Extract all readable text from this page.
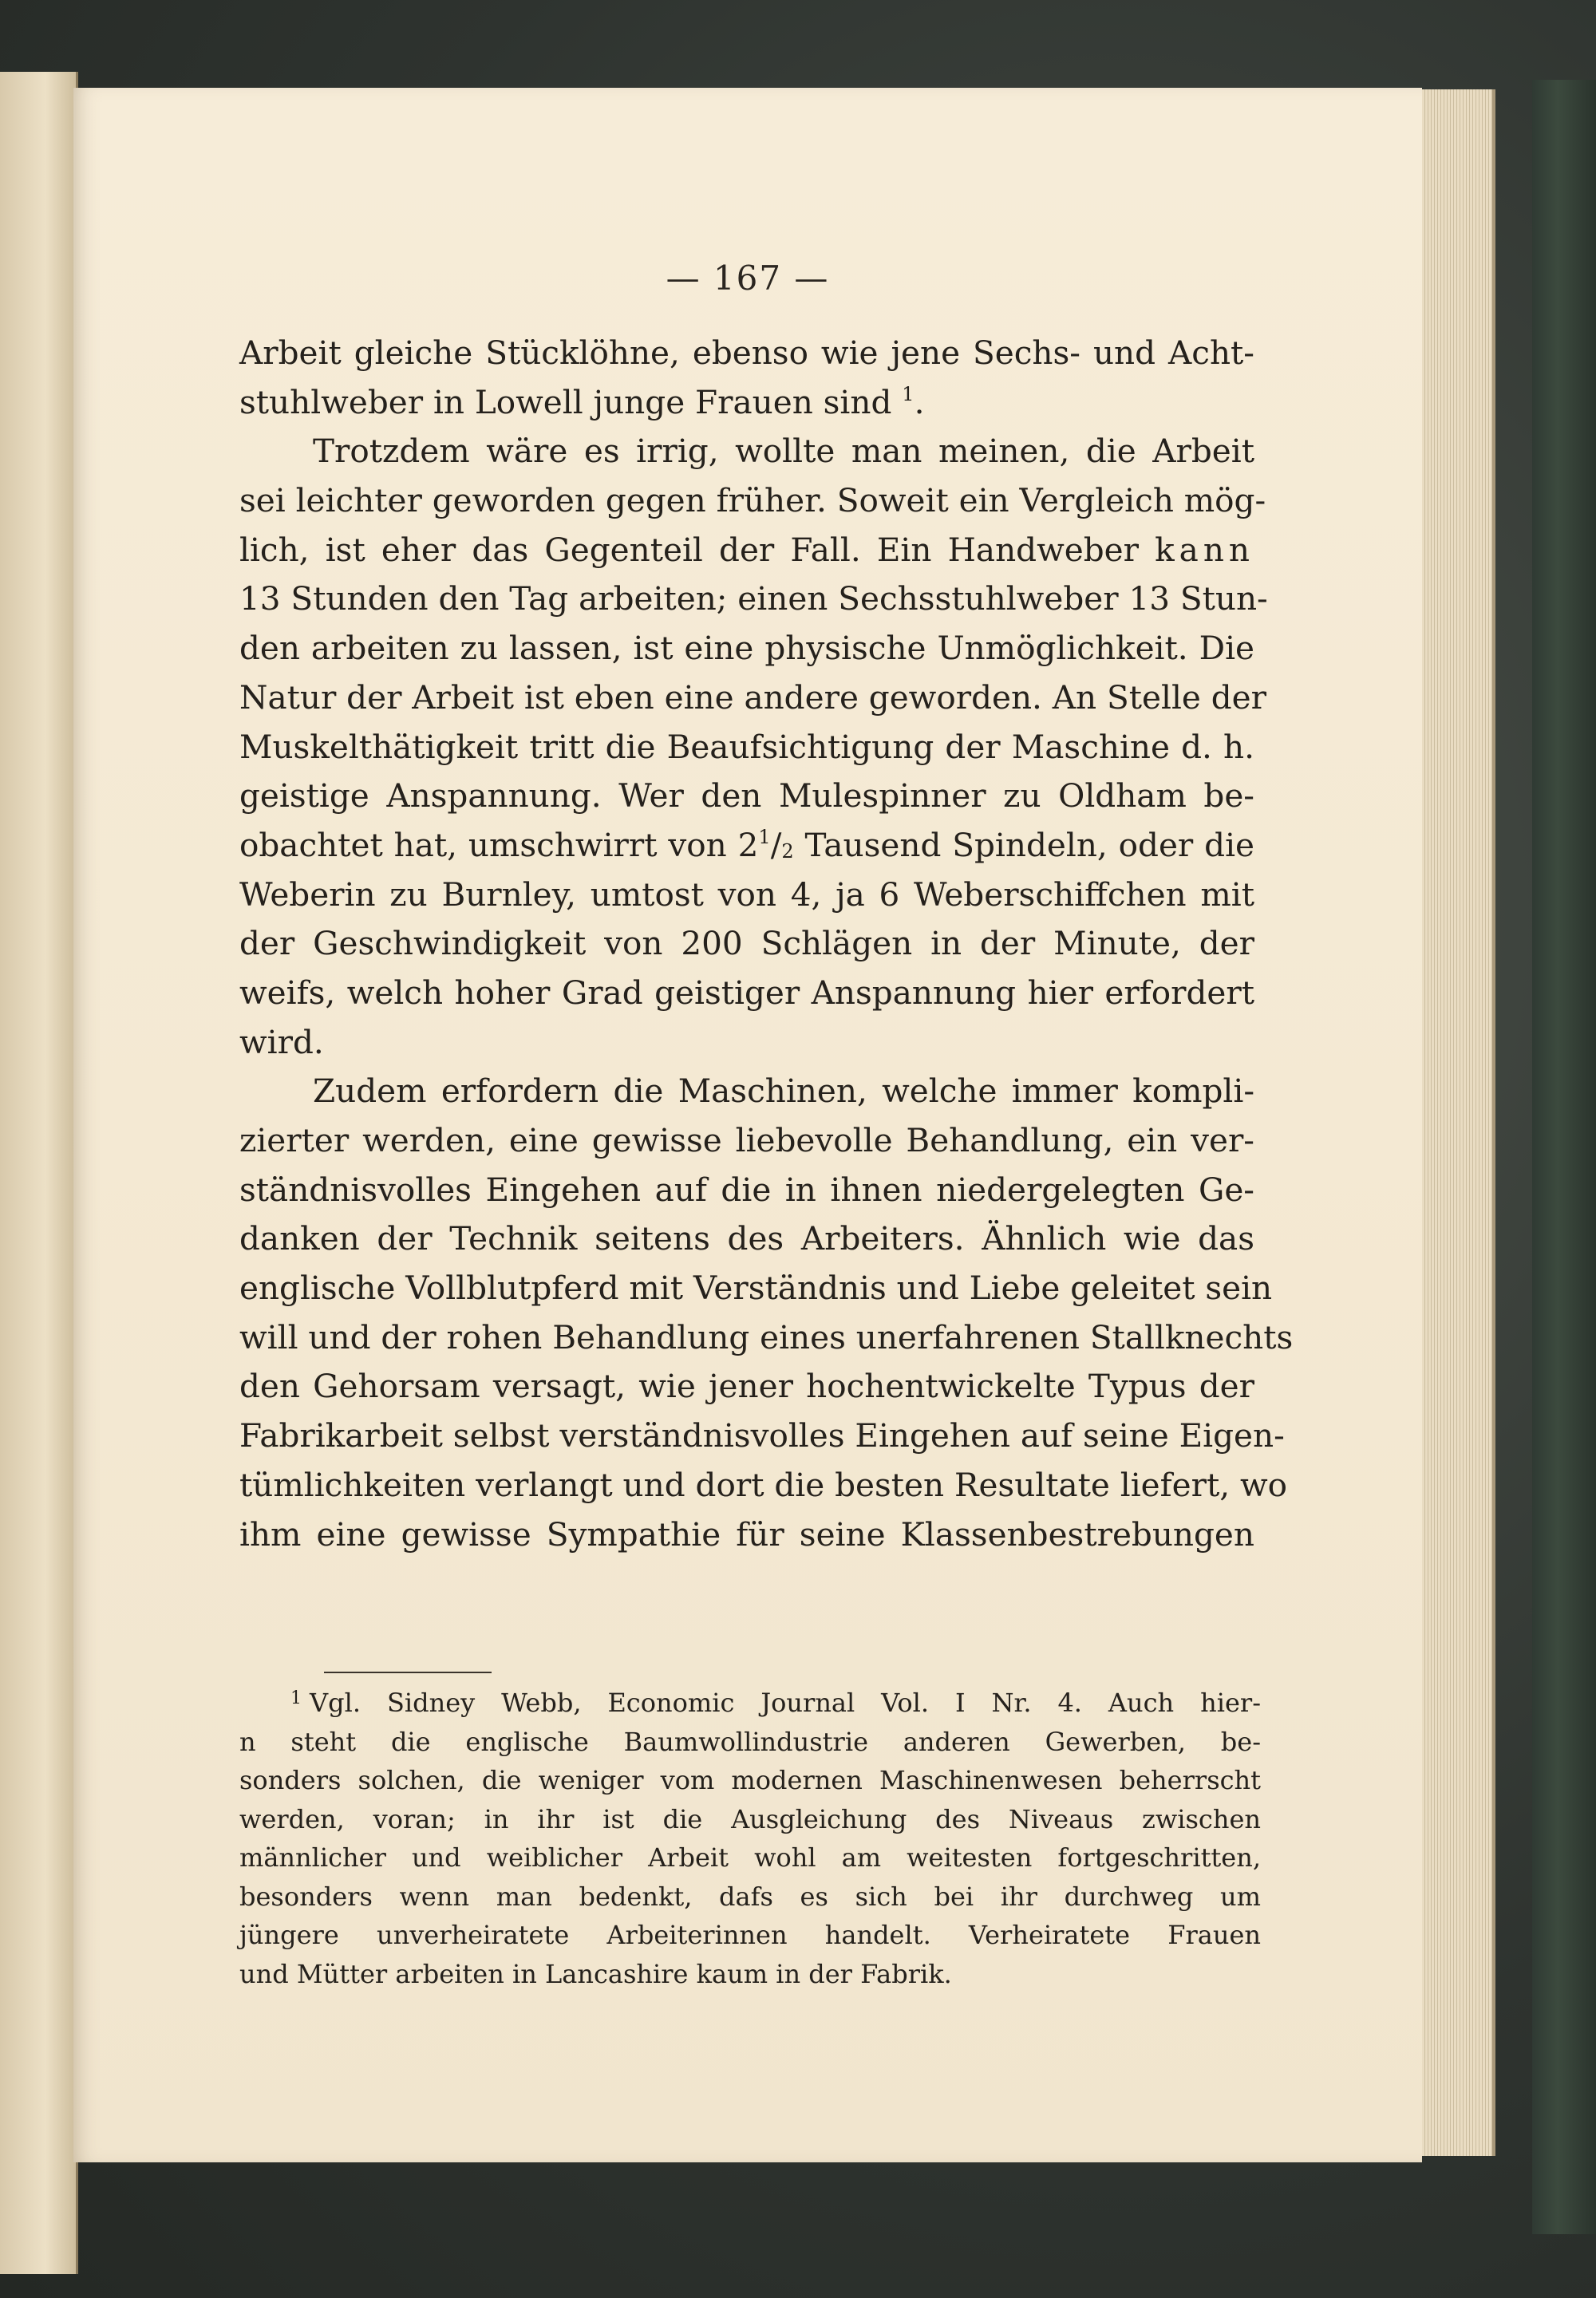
— 167 —
Arbeit gleiche Stücklöhne, ebenso wie jene Sechs- und Acht-
stuhlweber in Lowell junge Frauen sind $^1$.
Trotzdem wäre es irrig, wollte man meinen, die Arbeit
sei leichter geworden gegen früher. Soweit ein Vergleich mög-
lich, ist eher das Gegenteil der Fall. Ein Handweber kann
13 Stunden den Tag arbeiten; einen Sechsstuhlweber 13 Stun-
den arbeiten zu lassen, ist eine physische Unmöglichkeit. Die
Natur der Arbeit ist eben eine andere geworden. An Stelle der
Muskelthätigkeit tritt die Beaufsichtigung der Maschine d. h.
geistige Anspannung. Wer den Mulespinner zu Oldham be-
obachtet hat, umschwirrt von $2^1/2$ Tausend Spindeln, oder die
Weberin zu Burnley, umtost von 4, ja 6 Weberschiffchen mit
der Geschwindigkeit von 200 Schlägen in der Minute, der
weifs, welch hoher Grad geistiger Anspannung hier erfordert
wird.
Zudem erfordern die Maschinen, welche immer kompli-
zierter werden, eine gewisse liebevolle Behandlung, ein ver-
ständnisvolles Eingehen auf die in ihnen niedergelegten Ge-
danken der Technik seitens des Arbeiters. Ähnlich wie das
englische Vollblutpferd mit Verständnis und Liebe geleitet sein
will und der rohen Behandlung eines unerfahrenen Stallknechts
den Gehorsam versagt, wie jener hochentwickelte Typus der
Fabrikarbeit selbst verständnisvolles Eingehen auf seine Eigen-
tümlichkeiten verlangt und dort die besten Resultate liefert, wo
ihm eine gewisse Sympathie für seine Klassenbestrebungen
$^1$ Vgl. Sidney Webb, Economic Journal Vol. I Nr. 4. Auch hier-
n steht die englische Baumwollindustrie anderen Gewerben, be-
sonders solchen, die weniger vom modernen Maschinenwesen beherrscht
werden, voran; in ihr ist die Ausgleichung des Niveaus zwischen
männlicher und weiblicher Arbeit wohl am weitesten fortgeschritten,
besonders wenn man bedenkt, dafs es sich bei ihr durchweg um
jüngere unverheiratete Arbeiterinnen handelt. Verheiratete Frauen
und Mütter arbeiten in Lancashire kaum in der Fabrik.
